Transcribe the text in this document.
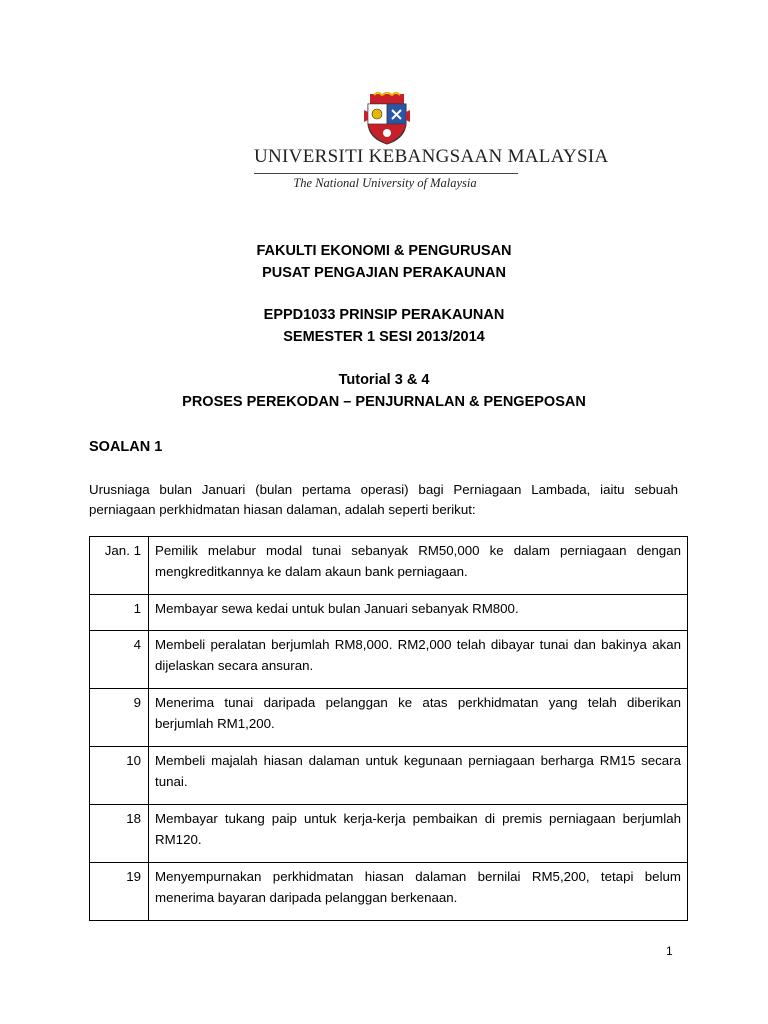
UNIVERSITI KEBANGSAAN MALAYSIA
The National University of Malaysia
FAKULTI EKONOMI & PENGURUSAN
PUSAT PENGAJIAN PERAKAUNAN
EPPD1033 PRINSIP PERAKAUNAN
SEMESTER 1 SESI 2013/2014
Tutorial 3 & 4
PROSES PEREKODAN – PENJURNALAN & PENGEPOSAN
SOALAN 1
Urusniaga bulan Januari (bulan pertama operasi) bagi Perniagaan Lambada, iaitu sebuah perniagaan perkhidmatan hiasan dalaman, adalah seperti berikut:
Jan. 1	Pemilik melabur modal tunai sebanyak RM50,000 ke dalam perniagaan dengan mengkreditkannya ke dalam akaun bank perniagaan.
1	Membayar sewa kedai untuk bulan Januari sebanyak RM800.
4	Membeli peralatan berjumlah RM8,000. RM2,000 telah dibayar tunai dan bakinya akan dijelaskan secara ansuran.
9	Menerima tunai daripada pelanggan ke atas perkhidmatan yang telah diberikan berjumlah RM1,200.
10	Membeli majalah hiasan dalaman untuk kegunaan perniagaan berharga RM15 secara tunai.
18	Membayar tukang paip untuk kerja-kerja pembaikan di premis perniagaan berjumlah RM120.
19	Menyempurnakan perkhidmatan hiasan dalaman bernilai RM5,200, tetapi belum menerima bayaran daripada pelanggan berkenaan.
1
